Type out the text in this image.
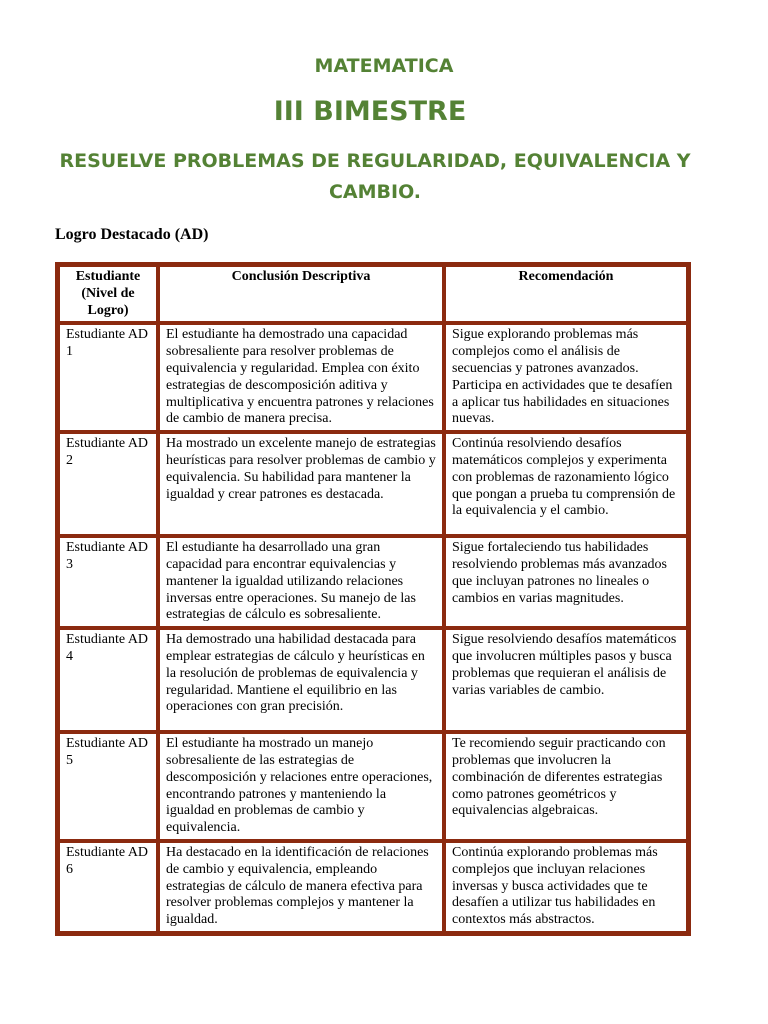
MATEMATICA
III BIMESTRE
RESUELVE PROBLEMAS DE REGULARIDAD, EQUIVALENCIA Y CAMBIO.
Logro Destacado (AD)
Estudiante (Nivel de Logro)	Conclusión Descriptiva	Recomendación
Estudiante AD 1	El estudiante ha demostrado una capacidad sobresaliente para resolver problemas de equivalencia y regularidad. Emplea con éxito estrategias de descomposición aditiva y multiplicativa y encuentra patrones y relaciones de cambio de manera precisa.	Sigue explorando problemas más complejos como el análisis de secuencias y patrones avanzados. Participa en actividades que te desafíen a aplicar tus habilidades en situaciones nuevas.
Estudiante AD 2	Ha mostrado un excelente manejo de estrategias heurísticas para resolver problemas de cambio y equivalencia. Su habilidad para mantener la igualdad y crear patrones es destacada.	Continúa resolviendo desafíos matemáticos complejos y experimenta con problemas de razonamiento lógico que pongan a prueba tu comprensión de la equivalencia y el cambio.
Estudiante AD 3	El estudiante ha desarrollado una gran capacidad para encontrar equivalencias y mantener la igualdad utilizando relaciones inversas entre operaciones. Su manejo de las estrategias de cálculo es sobresaliente.	Sigue fortaleciendo tus habilidades resolviendo problemas más avanzados que incluyan patrones no lineales o cambios en varias magnitudes.
Estudiante AD 4	Ha demostrado una habilidad destacada para emplear estrategias de cálculo y heurísticas en la resolución de problemas de equivalencia y regularidad. Mantiene el equilibrio en las operaciones con gran precisión.	Sigue resolviendo desafíos matemáticos que involucren múltiples pasos y busca problemas que requieran el análisis de varias variables de cambio.
Estudiante AD 5	El estudiante ha mostrado un manejo sobresaliente de las estrategias de descomposición y relaciones entre operaciones, encontrando patrones y manteniendo la igualdad en problemas de cambio y equivalencia.	Te recomiendo seguir practicando con problemas que involucren la combinación de diferentes estrategias como patrones geométricos y equivalencias algebraicas.
Estudiante AD 6	Ha destacado en la identificación de relaciones de cambio y equivalencia, empleando estrategias de cálculo de manera efectiva para resolver problemas complejos y mantener la igualdad.	Continúa explorando problemas más complejos que incluyan relaciones inversas y busca actividades que te desafíen a utilizar tus habilidades en contextos más abstractos.
